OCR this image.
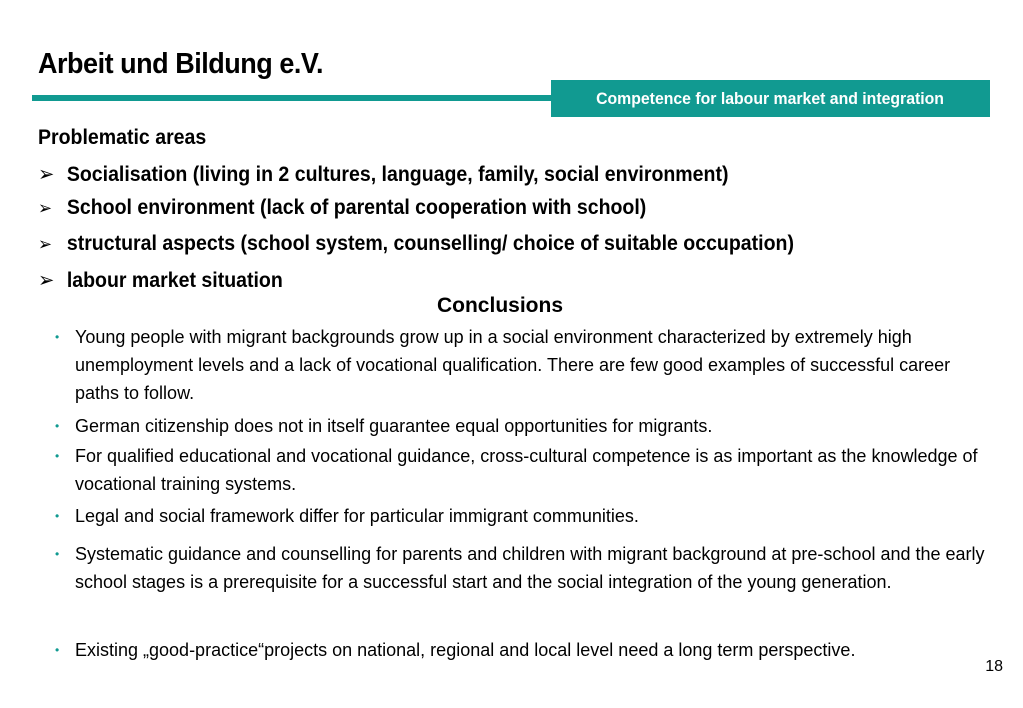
Arbeit und Bildung e.V.
Competence for labour market and integration
Problematic areas
➢ Socialisation (living in 2 cultures, language, family, social environment)
➢ School environment (lack of parental cooperation with school)
➢ structural aspects (school system, counselling/ choice of suitable occupation)
➢ labour market situation
Conclusions
• Young people with migrant backgrounds grow up in a social environment characterized by extremely high unemployment levels and a lack of vocational qualification. There are few good examples of successful career paths to follow.
• German citizenship does not in itself guarantee equal opportunities for migrants.
• For qualified educational and vocational guidance, cross-cultural competence is as important as the knowledge of vocational training systems.
• Legal and social framework differ for particular immigrant communities.
• Systematic guidance and counselling for parents and children with migrant background at pre-school and the early school stages is a prerequisite for a successful start and the social integration of the young generation.
• Existing „good-practice“projects on national, regional and local level need a long term perspective.
18
